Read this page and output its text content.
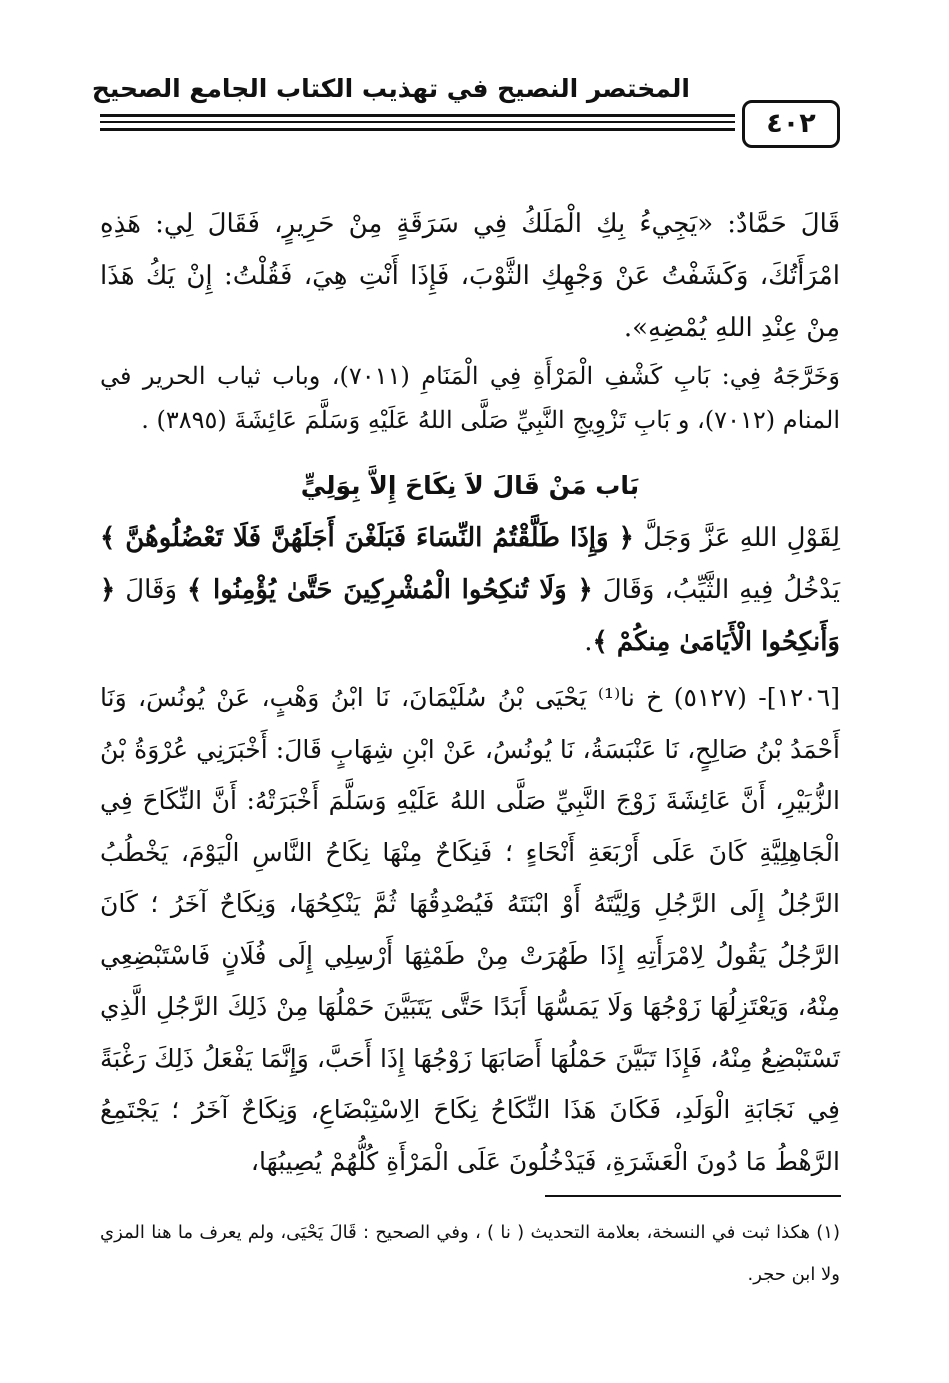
المختصر النصيح في تهذيب الكتاب الجامع الصحيح
٤٠٢

قَالَ حَمَّادٌ: «يَجِيءُ بِكِ الْمَلَكُ فِي سَرَقَةٍ مِنْ حَرِيرٍ، فَقَالَ لِي: هَذِهِ امْرَأَتُكَ، وَكَشَفْتُ عَنْ وَجْهِكِ الثَّوْبَ، فَإِذَا أَنْتِ هِيَ، فَقُلْتُ: إِنْ يَكُ هَذَا مِنْ عِنْدِ اللهِ يُمْضِهِ».

وَخَرَّجَهُ فِي: بَابِ كَشْفِ الْمَرْأَةِ فِي الْمَنَامِ (٧٠١١)، وباب ثياب الحرير في المنام (٧٠١٢)، و بَابِ تَزْوِيجِ النَّبِيِّ صَلَّى اللهُ عَلَيْهِ وَسَلَّمَ عَائِشَةَ (٣٨٩٥) .

بَاب مَنْ قَالَ لاَ نِكَاحَ إِلاَّ بِوَلِيٍّ

لِقَوْلِ اللهِ عَزَّ وَجَلَّ ﴿ وَإِذَا طَلَّقْتُمُ النِّسَاءَ فَبَلَغْنَ أَجَلَهُنَّ فَلَا تَعْضُلُوهُنَّ ﴾ يَدْخُلُ فِيهِ الثَّيِّبُ، وَقَالَ ﴿ وَلَا تُنكِحُوا الْمُشْرِكِينَ حَتَّىٰ يُؤْمِنُوا ﴾ وَقَالَ ﴿ وَأَنكِحُوا الْأَيَامَىٰ مِنكُمْ ﴾.

[١٢٠٦]- (٥١٢٧) خ نا⁽¹⁾ يَحْيَى بْنُ سُلَيْمَانَ، نَا ابْنُ وَهْبٍ، عَنْ يُونُسَ، وَنَا أَحْمَدُ بْنُ صَالِحٍ، نَا عَنْبَسَةُ، نَا يُونُسُ، عَنْ ابْنِ شِهَابٍ قَالَ: أَخْبَرَنِي عُرْوَةُ بْنُ الزُّبَيْرِ، أَنَّ عَائِشَةَ زَوْجَ النَّبِيِّ صَلَّى اللهُ عَلَيْهِ وَسَلَّمَ أَخْبَرَتْهُ: أَنَّ النِّكَاحَ فِي الْجَاهِلِيَّةِ كَانَ عَلَى أَرْبَعَةِ أَنْحَاءٍ ؛ فَنِكَاحٌ مِنْهَا نِكَاحُ النَّاسِ الْيَوْمَ، يَخْطُبُ الرَّجُلُ إِلَى الرَّجُلِ وَلِيَّتَهُ أَوْ ابْنَتَهُ فَيُصْدِقُهَا ثُمَّ يَنْكِحُهَا، وَنِكَاحٌ آخَرُ ؛ كَانَ الرَّجُلُ يَقُولُ لِامْرَأَتِهِ إِذَا طَهُرَتْ مِنْ طَمْثِهَا أَرْسِلِي إِلَى فُلَانٍ فَاسْتَبْضِعِي مِنْهُ، وَيَعْتَزِلُهَا زَوْجُهَا وَلَا يَمَسُّهَا أَبَدًا حَتَّى يَتَبَيَّنَ حَمْلُهَا مِنْ ذَلِكَ الرَّجُلِ الَّذِي تَسْتَبْضِعُ مِنْهُ، فَإِذَا تَبَيَّنَ حَمْلُهَا أَصَابَهَا زَوْجُهَا إِذَا أَحَبَّ، وَإِنَّمَا يَفْعَلُ ذَلِكَ رَغْبَةً فِي نَجَابَةِ الْوَلَدِ، فَكَانَ هَذَا النِّكَاحُ نِكَاحَ الِاسْتِبْضَاعِ، وَنِكَاحٌ آخَرُ ؛ يَجْتَمِعُ الرَّهْطُ مَا دُونَ الْعَشَرَةِ، فَيَدْخُلُونَ عَلَى الْمَرْأَةِ كُلُّهُمْ يُصِيبُهَا،

(١) هكذا ثبت في النسخة، بعلامة التحديث ( نا ) ، وفي الصحيح : قَالَ يَحْيَى، ولم يعرف ما هنا المزي ولا ابن حجر.
